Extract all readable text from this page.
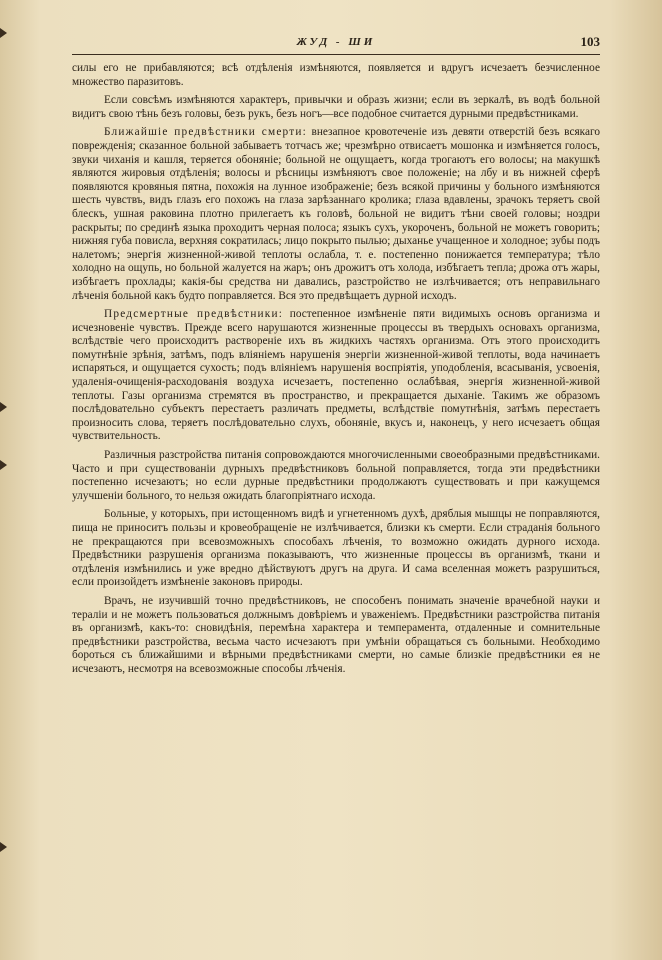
ЖУД - ШИ	103

силы его не прибавляются; всѣ отдѣленія измѣняются, появляется и вдругъ исчезаетъ безчисленное множество паразитовъ.

Если совсѣмъ измѣняются характеръ, привычки и образъ жизни; если въ зеркалѣ, въ водѣ больной видитъ свою тѣнь безъ головы, безъ рукъ, безъ ногъ—все подобное считается дурными предвѣстниками.

Ближайшіе предвѣстники смерти: внезапное кровотеченіе изъ девяти отверстій безъ всякаго поврежденія; сказанное больной забываетъ тотчасъ же; чрезмѣрно отвисаетъ мошонка и измѣняется голосъ, звуки чиханія и кашля, теряется обоняніе; больной не ощущаетъ, когда трогаютъ его волосы; на макушкѣ являются жировыя отдѣленія; волосы и рѣсницы измѣняютъ свое положеніе; на лбу и въ нижней сферѣ появляются кровяныя пятна, похожія на лунное изображеніе; безъ всякой причины у больного измѣняются шесть чувствъ, видъ глазъ его похожъ на глаза зарѣзаннаго кролика; глаза вдавлены, зрачокъ теряетъ свой блескъ, ушная раковина плотно прилегаетъ къ головѣ, больной не видитъ тѣни своей головы; ноздри раскрыты; по срединѣ языка проходитъ черная полоса; языкъ сухъ, укороченъ, больной не можетъ говорить; нижняя губа повисла, верхняя сократилась; лицо покрыто пылью; дыханье учащенное и холодное; зубы подъ налетомъ; энергія жизненной-живой теплоты ослабла, т. е. постепенно понижается температура; тѣло холодно на ощупь, но больной жалуется на жаръ; онъ дрожитъ отъ холода, избѣгаетъ тепла; дрожа отъ жары, избѣгаетъ прохлады; какія-бы средства ни давались, разстройство не излѣчивается; отъ неправильнаго лѣченія больной какъ будто поправляется. Вся это предвѣщаетъ дурной исходъ.

Предсмертные предвѣстники: постепенное измѣненіе пяти видимыхъ основъ организма и исчезновеніе чувствъ. Прежде всего нарушаются жизненные процессы въ твердыхъ основахъ организма, вслѣдствіе чего происходитъ раствореніе ихъ въ жидкихъ частяхъ организма. Отъ этого происходитъ помутнѣніе зрѣнія, затѣмъ, подъ вліяніемъ нарушенія энергіи жизненной-живой теплоты, вода начинаетъ испаряться, и ощущается сухость; подъ вліяніемъ нарушенія воспріятія, уподобленія, всасыванія, усвоенія, удаленія-очищенія-расходованія воздуха исчезаетъ, постепенно ослабѣвая, энергія жизненной-живой теплоты. Газы организма стремятся въ пространство, и прекращается дыханіе. Такимъ же образомъ послѣдовательно субъектъ перестаетъ различать предметы, вслѣдствіе помутнѣнія, затѣмъ перестаетъ произносить слова, теряетъ послѣдовательно слухъ, обоняніе, вкусъ и, наконецъ, у него исчезаетъ общая чувствительность.

Различныя разстройства питанія сопровождаются многочисленными своеобразными предвѣстниками. Часто и при существованіи дурныхъ предвѣстниковъ больной поправляется, тогда эти предвѣстники постепенно исчезаютъ; но если дурные предвѣстники продолжаютъ существовать и при кажущемся улучшеніи больного, то нельзя ожидать благопріятнаго исхода.

Больные, у которыхъ, при истощенномъ видѣ и угнетенномъ духѣ, дряблыя мышцы не поправляются, пища не приноситъ пользы и кровеобращеніе не излѣчивается, близки къ смерти. Если страданія больного не прекращаются при всевозможныхъ способахъ лѣченія, то возможно ожидать дурного исхода. Предвѣстники разрушенія организма показываютъ, что жизненные процессы въ организмѣ, ткани и отдѣленія измѣнились и уже вредно дѣйствуютъ другъ на друга. И сама вселенная можетъ разрушиться, если произойдетъ измѣненіе законовъ природы.

Врачъ, не изучившій точно предвѣстниковъ, не способенъ понимать значеніе врачебной науки и тераліи и не можетъ пользоваться должнымъ довѣріемъ и уваженіемъ. Предвѣстники разстройства питанія въ организмѣ, какъ-то: сновидѣнія, перемѣна характера и темперамента, отдаленные и сомнительные предвѣстники разстройства, весьма часто исчезаютъ при умѣніи обращаться съ больными. Необходимо бороться съ ближайшими и вѣрными предвѣстниками смерти, но самые близкіе предвѣстники ея не исчезаютъ, несмотря на всевозможные способы лѣченія.
